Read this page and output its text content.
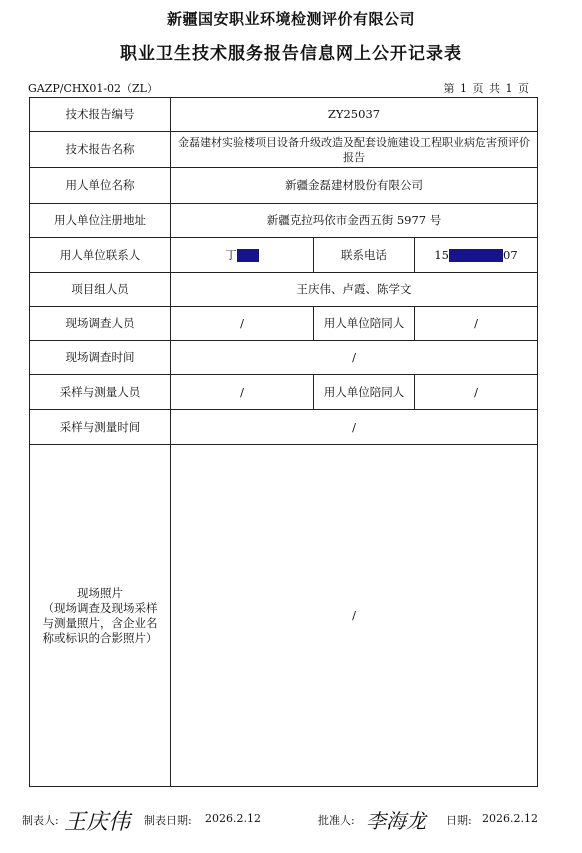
新疆国安职业环境检测评价有限公司
职业卫生技术服务报告信息网上公开记录表
GAZP/CHX01-02（ZL）	第 1 页 共 1 页
技术报告编号	ZY25037		
技术报告名称	金磊建材实验楼项目设备升级改造及配套设施建设工程职业病危害预评价报告		
用人单位名称	新疆金磊建材股份有限公司		
用人单位注册地址	新疆克拉玛依市金西五街 5977 号		
用人单位联系人	丁	联系电话	15 07
项目组人员	王庆伟、卢霞、陈学文		
现场调查人员	/	用人单位陪同人	/
现场调查时间	/		
采样与测量人员	/	用人单位陪同人	/
采样与测量时间	/		

现场照片
（现场调查及现场采样
与测量照片，含企业名
称或标识的合影照片）	/		
制表人: 王庆伟 制表日期: 2026.2.12	批准人: 李海龙 日期: 2026.2.12
